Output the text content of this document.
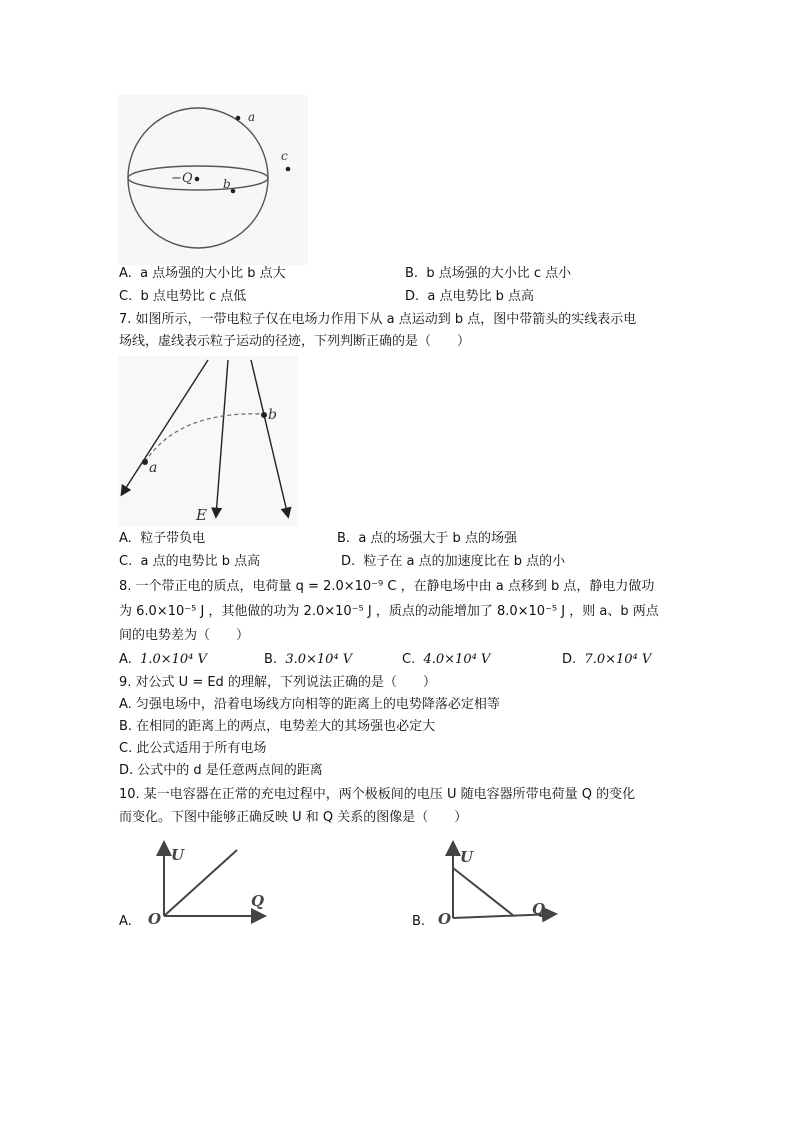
−Q
a
b
c
A. a 点场强的大小比 b 点大	B. b 点场强的大小比 c 点小
C. b 点电势比 c 点低	D. a 点电势比 b 点高
7. 如图所示，一带电粒子仅在电场力作用下从 a 点运动到 b 点，图中带箭头的实线表示电
场线，虚线表示粒子运动的径迹，下列判断正确的是（　　）
a
b
E
A. 粒子带负电	B. a 点的场强大于 b 点的场强
C. a 点的电势比 b 点高	D. 粒子在 a 点的加速度比在 b 点的小
8. 一个带正电的质点，电荷量 q = 2.0×10⁻⁹ C ，在静电场中由 a 点移到 b 点，静电力做功
为 6.0×10⁻⁵ J ，其他做的功为 2.0×10⁻⁵ J ，质点的动能增加了 8.0×10⁻⁵ J ，则 a、b 两点
间的电势差为（　　）
A. 1.0×10⁴ V	B. 3.0×10⁴ V	C. 4.0×10⁴ V	D. 7.0×10⁴ V
9. 对公式 U = Ed 的理解，下列说法正确的是（　　）
A. 匀强电场中，沿着电场线方向相等的距离上的电势降落必定相等
B. 在相同的距离上的两点，电势差大的其场强也必定大
C. 此公式适用于所有电场
D. 公式中的 d 是任意两点间的距离
10. 某一电容器在正常的充电过程中，两个极板间的电压 U 随电容器所带电荷量 Q 的变化
而变化。下图中能够正确反映 U 和 Q 关系的图像是（　　）
A.
U
Q
O	B.
U
Q
O
